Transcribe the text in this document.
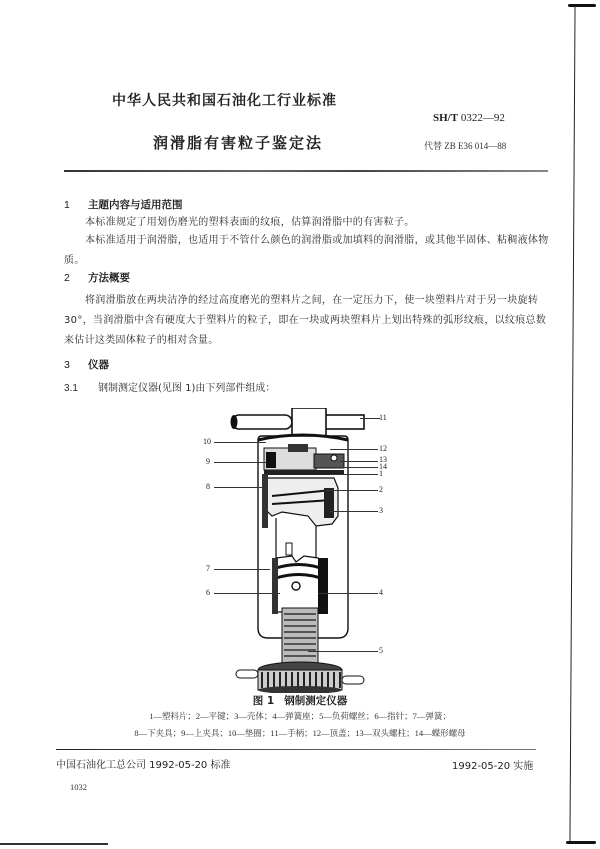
中华人民共和国石油化工行业标准
SH/T 0322—92
润滑脂有害粒子鉴定法	代替 ZB E36 014—88
1 主题内容与适用范围
本标准规定了用划伤磨光的塑料表面的纹痕，估算润滑脂中的有害粒子。
本标准适用于润滑脂，也适用于不管什么颜色的润滑脂或加填料的润滑脂，或其他半固体、粘稠液体物质。
2 方法概要
将润滑脂放在两块洁净的经过高度磨光的塑料片之间，在一定压力下，使一块塑料片对于另一块旋转 30°，当润滑脂中含有硬度大于塑料片的粒子，即在一块或两块塑料片上划出特殊的弧形纹痕，以纹痕总数来估计这类固体粒子的相对含量。
3 仪器
3.1 钢制测定仪器(见图 1)由下列部件组成：
10
9
8
7
6
11
12
13
14
1
2
3
4
5
图 1 钢制测定仪器
1—塑料片；2—平键；3—壳体；4—弹簧座；5—负荷螺丝；6—指针；7—弹簧；
8—下夹具；9—上夹具；10—垫圈；11—手柄；12—顶盖；13—双头螺柱；14—蝶形螺母
中国石油化工总公司 1992-05-20 标准	1992-05-20 实施
1032
